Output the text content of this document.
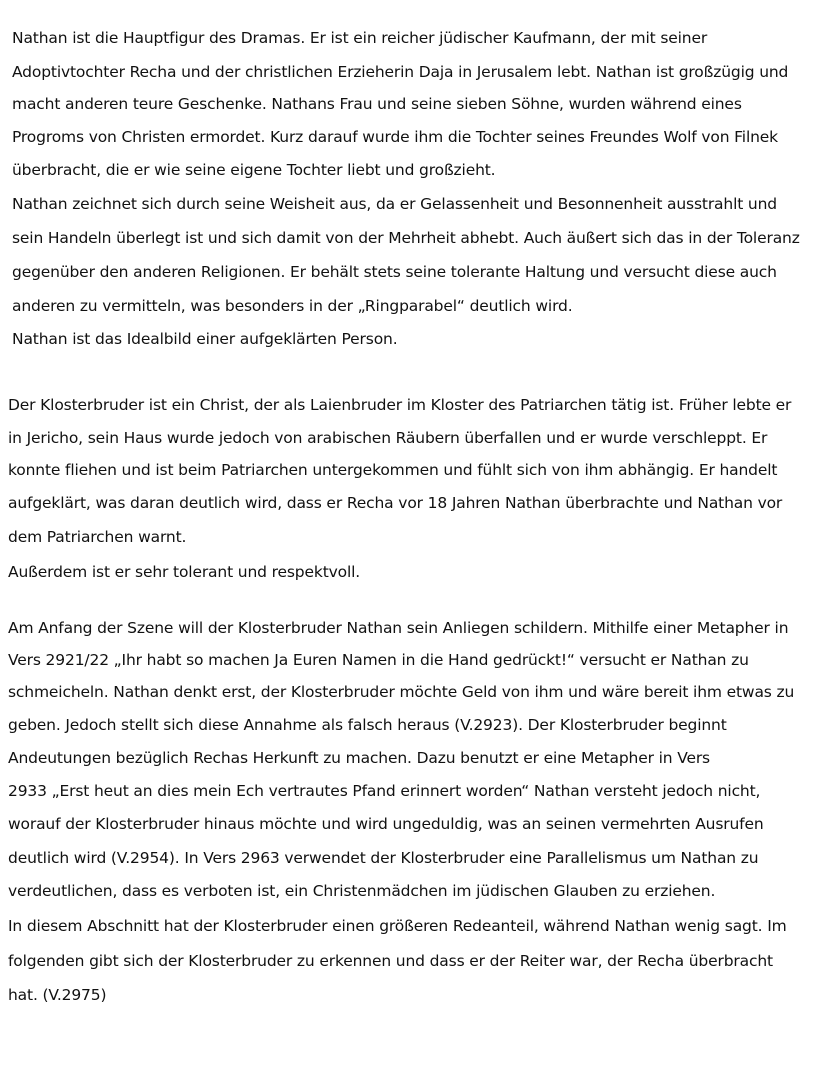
Nathan ist die Hauptfigur des Dramas. Er ist ein reicher jüdischer Kaufmann, der mit seiner
Adoptivtochter Recha und der christlichen Erzieherin Daja in Jerusalem lebt. Nathan ist großzügig und
macht anderen teure Geschenke. Nathans Frau und seine sieben Söhne, wurden während eines
Progroms von Christen ermordet. Kurz darauf wurde ihm die Tochter seines Freundes Wolf von Filnek
überbracht, die er wie seine eigene Tochter liebt und großzieht.
Nathan zeichnet sich durch seine Weisheit aus, da er Gelassenheit und Besonnenheit ausstrahlt und
sein Handeln überlegt ist und sich damit von der Mehrheit abhebt. Auch äußert sich das in der Toleranz
gegenüber den anderen Religionen. Er behält stets seine tolerante Haltung und versucht diese auch
anderen zu vermitteln, was besonders in der „Ringparabel“ deutlich wird.
Nathan ist das Idealbild einer aufgeklärten Person.
Der Klosterbruder ist ein Christ, der als Laienbruder im Kloster des Patriarchen tätig ist. Früher lebte er
in Jericho, sein Haus wurde jedoch von arabischen Räubern überfallen und er wurde verschleppt. Er
konnte fliehen und ist beim Patriarchen untergekommen und fühlt sich von ihm abhängig. Er handelt
aufgeklärt, was daran deutlich wird, dass er Recha vor 18 Jahren Nathan überbrachte und Nathan vor
dem Patriarchen warnt.
Außerdem ist er sehr tolerant und respektvoll.
Am Anfang der Szene will der Klosterbruder Nathan sein Anliegen schildern. Mithilfe einer Metapher in
Vers 2921/22 „Ihr habt so machen Ja Euren Namen in die Hand gedrückt!“ versucht er Nathan zu
schmeicheln. Nathan denkt erst, der Klosterbruder möchte Geld von ihm und wäre bereit ihm etwas zu
geben. Jedoch stellt sich diese Annahme als falsch heraus (V.2923). Der Klosterbruder beginnt
Andeutungen bezüglich Rechas Herkunft zu machen. Dazu benutzt er eine Metapher in Vers
2933 „Erst heut an dies mein Ech vertrautes Pfand erinnert worden“ Nathan versteht jedoch nicht,
worauf der Klosterbruder hinaus möchte und wird ungeduldig, was an seinen vermehrten Ausrufen
deutlich wird (V.2954). In Vers 2963 verwendet der Klosterbruder eine Parallelismus um Nathan zu
verdeutlichen, dass es verboten ist, ein Christenmädchen im jüdischen Glauben zu erziehen.
In diesem Abschnitt hat der Klosterbruder einen größeren Redeanteil, während Nathan wenig sagt. Im
folgenden gibt sich der Klosterbruder zu erkennen und dass er der Reiter war, der Recha überbracht
hat. (V.2975)
